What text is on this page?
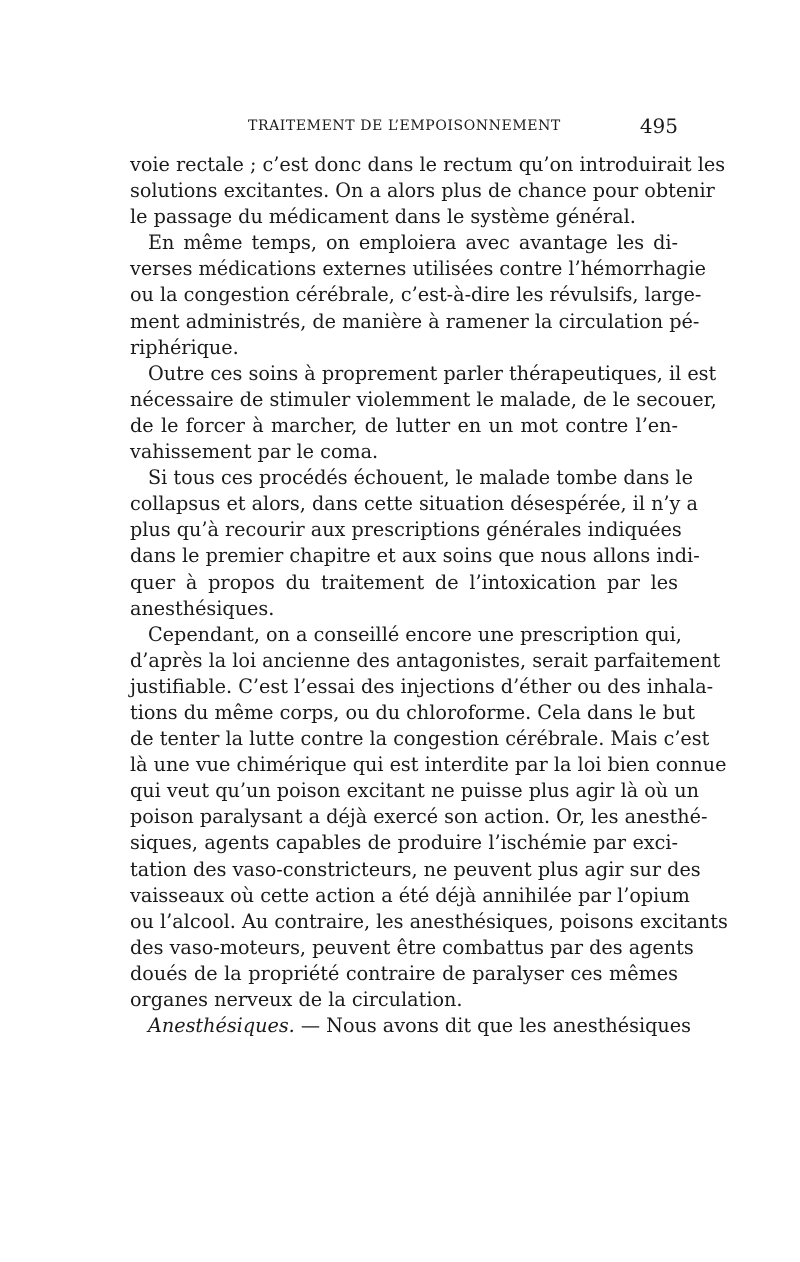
TRAITEMENT DE L’EMPOISONNEMENT	495
voie rectale ; c’est donc dans le rectum qu’on introduirait les
solutions excitantes. On a alors plus de chance pour obtenir
le passage du médicament dans le système général.
En même temps, on emploiera avec avantage les di-
verses médications externes utilisées contre l’hémorrhagie
ou la congestion cérébrale, c’est-à-dire les révulsifs, large-
ment administrés, de manière à ramener la circulation pé-
riphérique.
Outre ces soins à proprement parler thérapeutiques, il est
nécessaire de stimuler violemment le malade, de le secouer,
de le forcer à marcher, de lutter en un mot contre l’en-
vahissement par le coma.
Si tous ces procédés échouent, le malade tombe dans le
collapsus et alors, dans cette situation désespérée, il n’y a
plus qu’à recourir aux prescriptions générales indiquées
dans le premier chapitre et aux soins que nous allons indi-
quer à propos du traitement de l’intoxication par les
anesthésiques.
Cependant, on a conseillé encore une prescription qui,
d’après la loi ancienne des antagonistes, serait parfaitement
justifiable. C’est l’essai des injections d’éther ou des inhala-
tions du même corps, ou du chloroforme. Cela dans le but
de tenter la lutte contre la congestion cérébrale. Mais c’est
là une vue chimérique qui est interdite par la loi bien connue
qui veut qu’un poison excitant ne puisse plus agir là où un
poison paralysant a déjà exercé son action. Or, les anesthé-
siques, agents capables de produire l’ischémie par exci-
tation des vaso-constricteurs, ne peuvent plus agir sur des
vaisseaux où cette action a été déjà annihilée par l’opium
ou l’alcool. Au contraire, les anesthésiques, poisons excitants
des vaso-moteurs, peuvent être combattus par des agents
doués de la propriété contraire de paralyser ces mêmes
organes nerveux de la circulation.
Anesthésiques. — Nous avons dit que les anesthésiques
